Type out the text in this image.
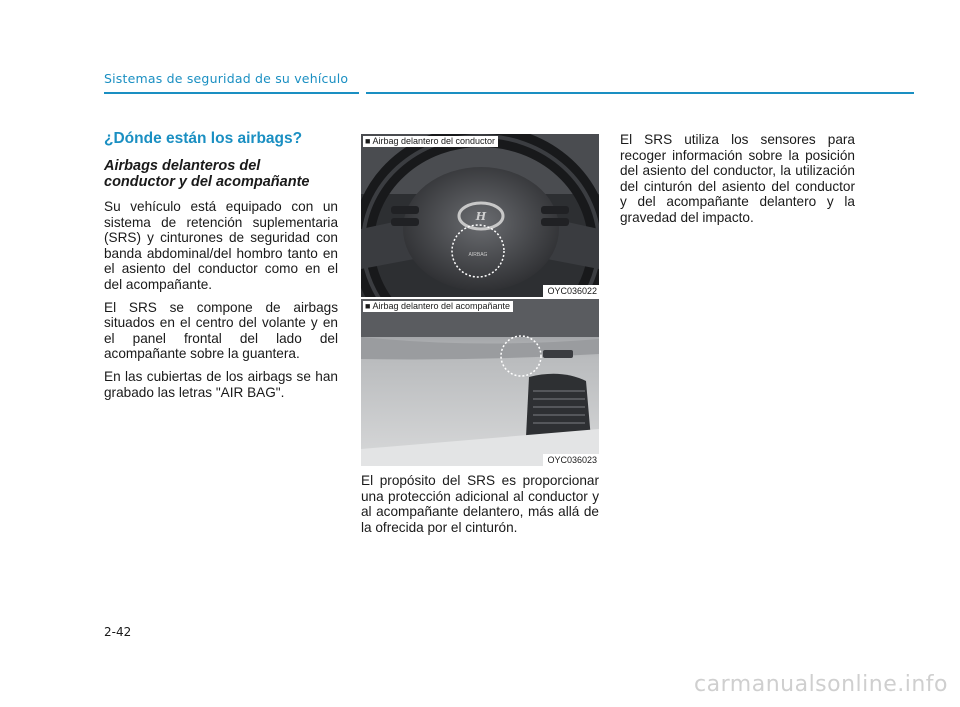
Sistemas de seguridad de su vehículo
¿Dónde están los airbags?
Airbags delanteros del
conductor y del acompañante

Su vehículo está equipado con un sistema de retención suplementaria (SRS) y cinturones de seguridad con banda abdominal/del hombro tanto en el asiento del conductor como en el del acompañante.

El SRS se compone de airbags situados en el centro del volante y en el panel frontal del lado del acompañante sobre la guantera.

En las cubiertas de los airbags se han grabado las letras "AIR BAG".

H
AIRBAG
■ Airbag delantero del conductor
OYC036022
■ Airbag delantero del acompañante
OYC036023

El propósito del SRS es proporcionar una protección adicional al conductor y al acompañante delantero, más allá de la ofrecida por el cinturón.

El SRS utiliza los sensores para recoger información sobre la posición del asiento del conductor, la utilización del cinturón del asiento del conductor y del acompañante delantero y la gravedad del impacto.

2-42
carmanualsonline.info
